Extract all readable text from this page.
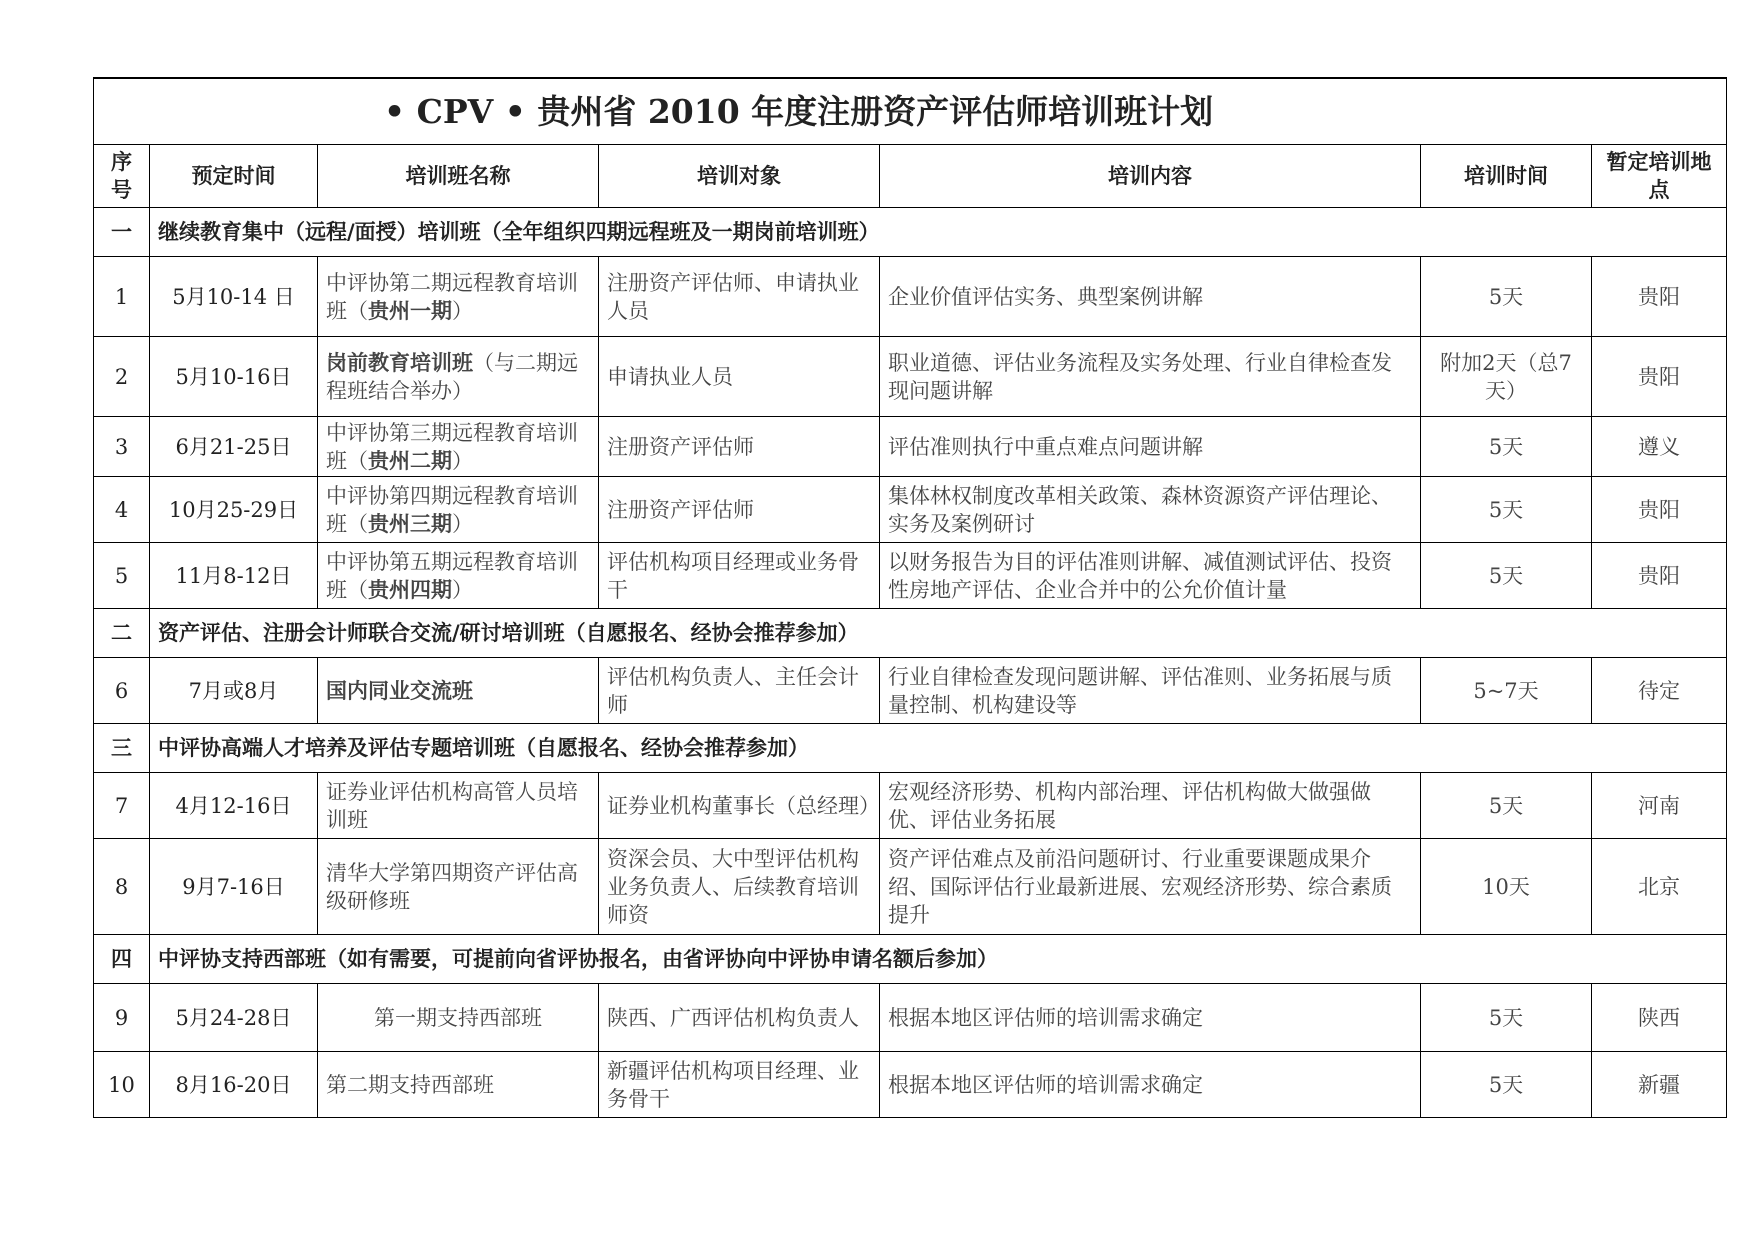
• CPV • 贵州省 2010 年度注册资产评估师培训班计划						
序号	预定时间	培训班名称	培训对象	培训内容	培训时间	暂定培训地点
一	继续教育集中（远程/面授）培训班（全年组织四期远程班及一期岗前培训班）					
1	5月10-14 日	中评协第二期远程教育培训班（贵州一期）	注册资产评估师、申请执业人员	企业价值评估实务、典型案例讲解	5天	贵阳
2	5月10-16日	岗前教育培训班（与二期远程班结合举办）	申请执业人员	职业道德、评估业务流程及实务处理、行业自律检查发现问题讲解	附加2天（总7天）	贵阳
3	6月21-25日	中评协第三期远程教育培训班（贵州二期）	注册资产评估师	评估准则执行中重点难点问题讲解	5天	遵义
4	10月25-29日	中评协第四期远程教育培训班（贵州三期）	注册资产评估师	集体林权制度改革相关政策、森林资源资产评估理论、实务及案例研讨	5天	贵阳
5	11月8-12日	中评协第五期远程教育培训班（贵州四期）	评估机构项目经理或业务骨干	以财务报告为目的评估准则讲解、减值测试评估、投资性房地产评估、企业合并中的公允价值计量	5天	贵阳
二	资产评估、注册会计师联合交流/研讨培训班（自愿报名、经协会推荐参加）					
6	7月或8月	国内同业交流班	评估机构负责人、主任会计师	行业自律检查发现问题讲解、评估准则、业务拓展与质量控制、机构建设等	5~7天	待定
三	中评协高端人才培养及评估专题培训班（自愿报名、经协会推荐参加）					
7	4月12-16日	证券业评估机构高管人员培训班	证券业机构董事长（总经理）	宏观经济形势、机构内部治理、评估机构做大做强做优、评估业务拓展	5天	河南
8	9月7-16日	清华大学第四期资产评估高级研修班	资深会员、大中型评估机构业务负责人、后续教育培训师资	资产评估难点及前沿问题研讨、行业重要课题成果介绍、国际评估行业最新进展、宏观经济形势、综合素质提升	10天	北京
四	中评协支持西部班（如有需要，可提前向省评协报名，由省评协向中评协申请名额后参加）					
9	5月24-28日	第一期支持西部班	陕西、广西评估机构负责人	根据本地区评估师的培训需求确定	5天	陕西
10	8月16-20日	第二期支持西部班	新疆评估机构项目经理、业务骨干	根据本地区评估师的培训需求确定	5天	新疆
